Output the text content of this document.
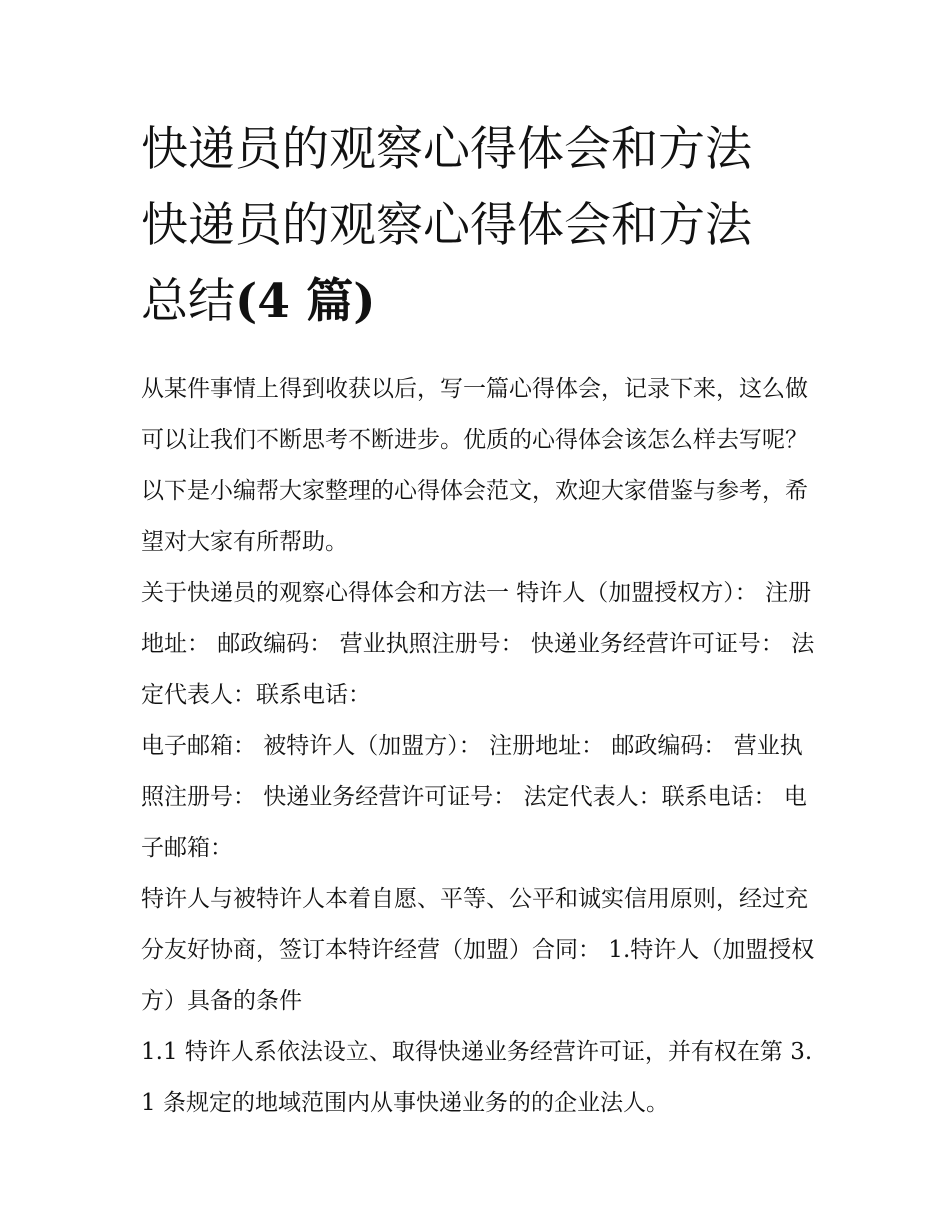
快递员的观察心得体会和方法
快递员的观察心得体会和方法
总结(4 篇)

从某件事情上得到收获以后，写一篇心得体会，记录下来，这么做可以让我们不断思考不断进步。优质的心得体会该怎么样去写呢？以下是小编帮大家整理的心得体会范文，欢迎大家借鉴与参考，希望对大家有所帮助。

关于快递员的观察心得体会和方法一 特许人（加盟授权方）： 注册地址： 邮政编码： 营业执照注册号： 快递业务经营许可证号： 法定代表人：联系电话：

电子邮箱： 被特许人（加盟方）： 注册地址： 邮政编码： 营业执照注册号： 快递业务经营许可证号： 法定代表人：联系电话： 电子邮箱：

特许人与被特许人本着自愿、平等、公平和诚实信用原则，经过充分友好协商，签订本特许经营（加盟）合同： 1.特许人（加盟授权方）具备的条件

1.1 特许人系依法设立、取得快递业务经营许可证，并有权在第 3.1 条规定的地域范围内从事快递业务的的企业法人。
